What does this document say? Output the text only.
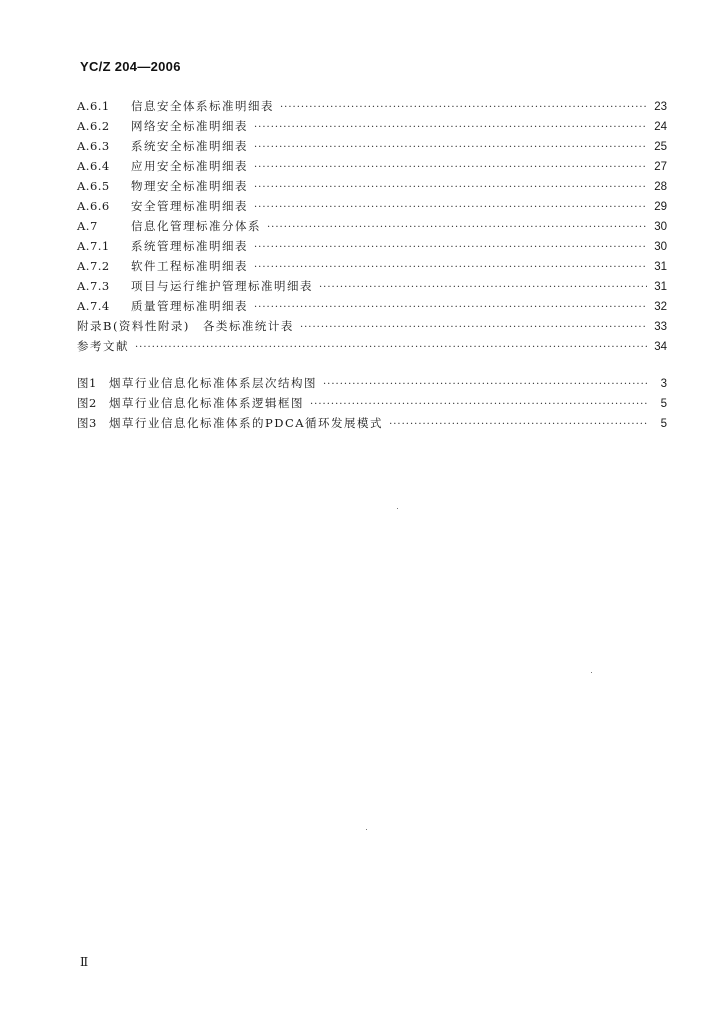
YC/Z 204—2006
A.6.1	信息安全体系标准明细表 ·····	23
A.6.2	网络安全标准明细表 ·····	24
A.6.3	系统安全标准明细表 ·····	25
A.6.4	应用安全标准明细表 ·····	27
A.6.5	物理安全标准明细表 ·····	28
A.6.6	安全管理标准明细表 ·····	29
A.7	信息化管理标准分体系 ·····	30
A.7.1	系统管理标准明细表 ·····	30
A.7.2	软件工程标准明细表 ·····	31
A.7.3	项目与运行维护管理标准明细表 ·····	31
A.7.4	质量管理标准明细表 ·····	32
附录B(资料性附录)　各类标准统计表 ·····	33
参考文献 ·····	34
图1	烟草行业信息化标准体系层次结构图 ·····	3
图2	烟草行业信息化标准体系逻辑框图 ·····	5
图3	烟草行业信息化标准体系的PDCA循环发展模式 ·····	5
Ⅱ
